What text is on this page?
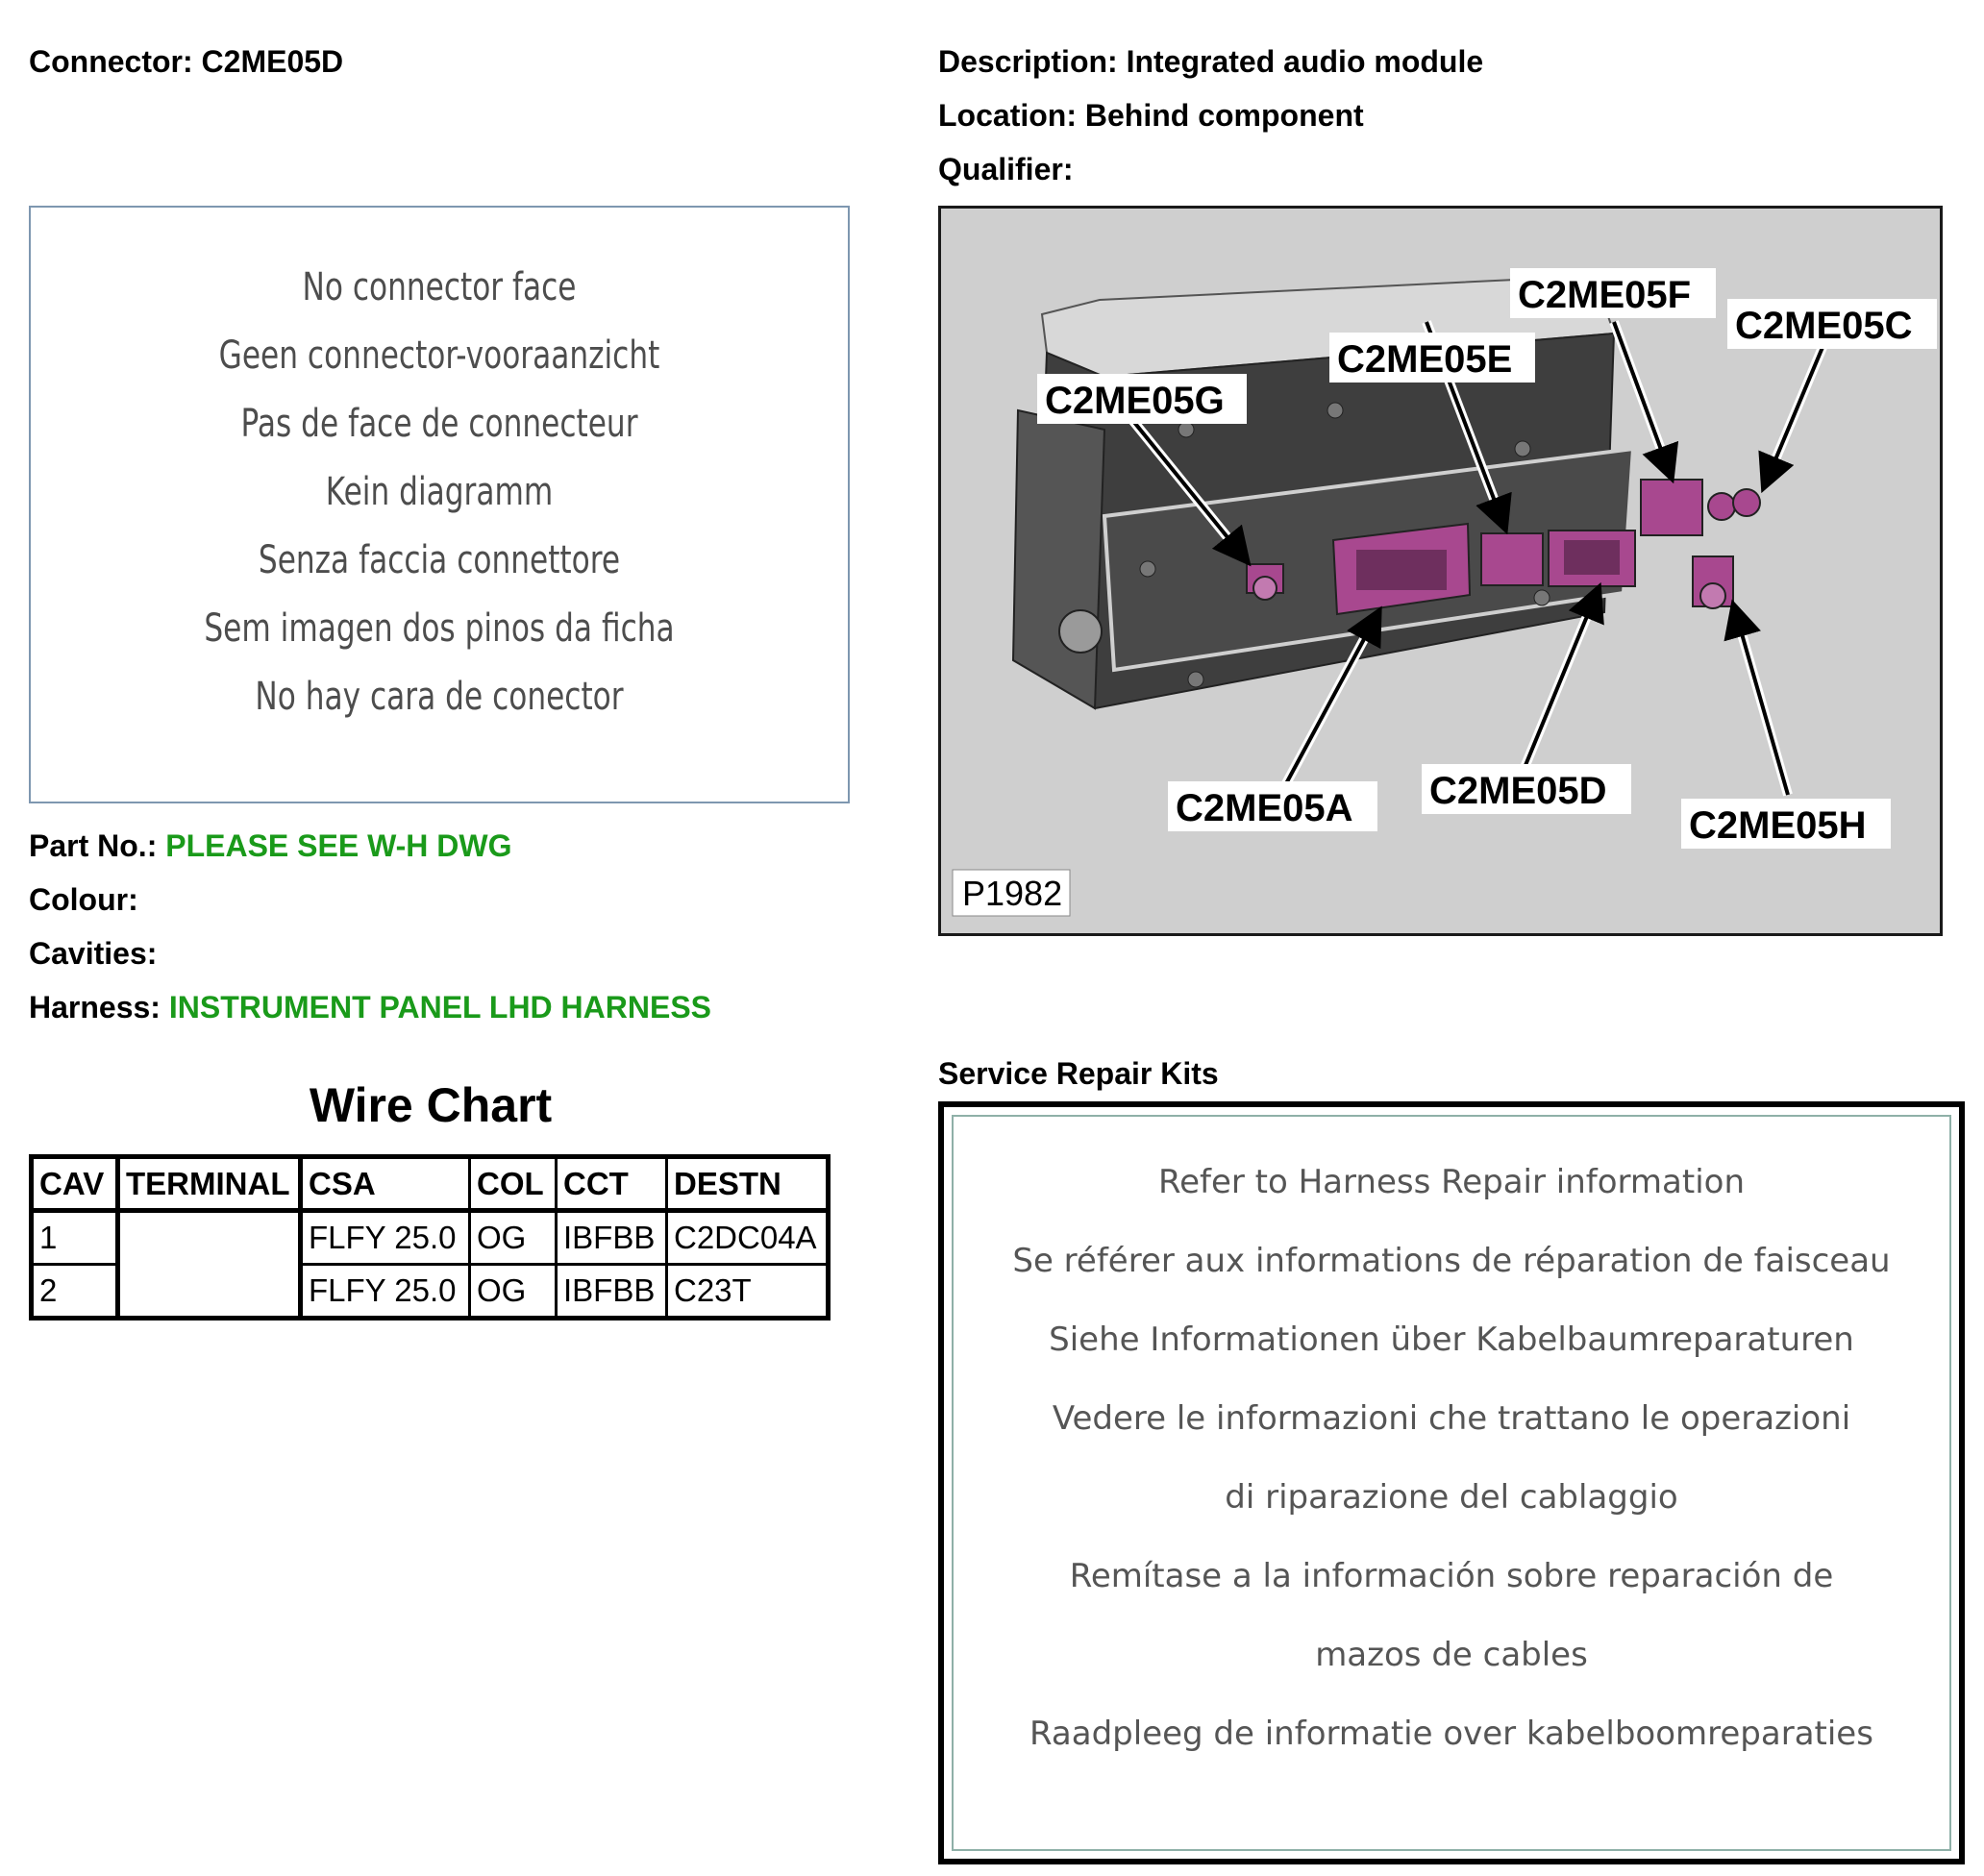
Connector: C2ME05D	Description: Integrated audio module
Location: Behind component
Qualifier:
No connector face
Geen connector-vooraanzicht
Pas de face de connecteur
Kein diagramm
Senza faccia connettore
Sem imagen dos pinos da ficha
No hay cara de conector
Part No.: PLEASE SEE W-H DWG
Colour:
Cavities:
Harness: INSTRUMENT PANEL LHD HARNESS
Wire Chart
CAV	TERMINAL	CSA	COL	CCT	DESTN
1		FLFY 25.0	OG	IBFBB	C2DC04A
2		FLFY 25.0	OG	IBFBB	C23T
C2ME05G
C2ME05E
C2ME05F
C2ME05C
C2ME05A C2ME05D
C2ME05H
P1982
Service Repair Kits
Refer to Harness Repair information
Se référer aux informations de réparation de faisceau
Siehe Informationen über Kabelbaumreparaturen
Vedere le informazioni che trattano le operazioni
di riparazione del cablaggio
Remítase a la información sobre reparación de
mazos de cables
Raadpleeg de informatie over kabelboomreparaties
